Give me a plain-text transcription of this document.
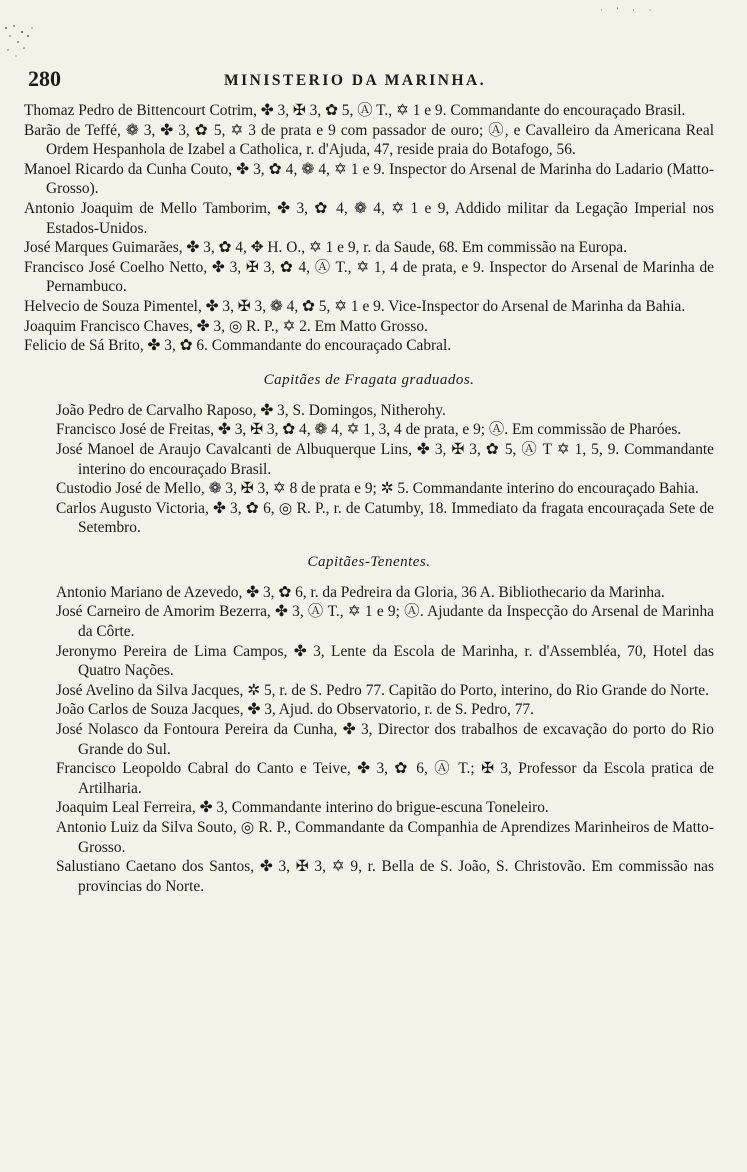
· ' · ·
280	MINISTERIO DA MARINHA.
Thomaz Pedro de Bittencourt Cotrim, ✤ 3, ✠ 3, ✿ 5, Ⓐ T., ✡ 1 e 9. Commandante do encouraçado Brasil.
Barão de Teffé, ❁ 3, ✤ 3, ✿ 5, ✡ 3 de prata e 9 com passador de ouro; Ⓐ, e Cavalleiro da Americana Real Ordem Hespanhola de Izabel a Catholica, r. d'Ajuda, 47, reside praia do Botafogo, 56.
Manoel Ricardo da Cunha Couto, ✤ 3, ✿ 4, ❁ 4, ✡ 1 e 9. Inspector do Arsenal de Marinha do Ladario (Matto-Grosso).
Antonio Joaquim de Mello Tamborim, ✤ 3, ✿ 4, ❁ 4, ✡ 1 e 9, Addido militar da Legação Imperial nos Estados-Unidos.
José Marques Guimarães, ✤ 3, ✿ 4, ✥ H. O., ✡ 1 e 9, r. da Saude, 68. Em commissão na Europa.
Francisco José Coelho Netto, ✤ 3, ✠ 3, ✿ 4, Ⓐ T., ✡ 1, 4 de prata, e 9. Inspector do Arsenal de Marinha de Pernambuco.
Helvecio de Souza Pimentel, ✤ 3, ✠ 3, ❁ 4, ✿ 5, ✡ 1 e 9. Vice-Inspector do Arsenal de Marinha da Bahia.
Joaquim Francisco Chaves, ✤ 3, ◎ R. P., ✡ 2. Em Matto Grosso.
Felicio de Sá Brito, ✤ 3, ✿ 6. Commandante do encouraçado Cabral.
Capitães de Fragata graduados.
João Pedro de Carvalho Raposo, ✤ 3, S. Domingos, Nitherohy.
Francisco José de Freitas, ✤ 3, ✠ 3, ✿ 4, ❁ 4, ✡ 1, 3, 4 de prata, e 9; Ⓐ. Em commissão de Pharóes.
José Manoel de Araujo Cavalcanti de Albuquerque Lins, ✤ 3, ✠ 3, ✿ 5, Ⓐ T ✡ 1, 5, 9. Commandante interino do encouraçado Brasil.
Custodio José de Mello, ❁ 3, ✠ 3, ✡ 8 de prata e 9; ✲ 5. Commandante interino do encouraçado Bahia.
Carlos Augusto Victoria, ✤ 3, ✿ 6, ◎ R. P., r. de Catumby, 18. Immediato da fragata encouraçada Sete de Setembro.
Capitães-Tenentes.
Antonio Mariano de Azevedo, ✤ 3, ✿ 6, r. da Pedreira da Gloria, 36 A. Bibliothecario da Marinha.
José Carneiro de Amorim Bezerra, ✤ 3, Ⓐ T., ✡ 1 e 9; Ⓐ. Ajudante da Inspecção do Arsenal de Marinha da Côrte.
Jeronymo Pereira de Lima Campos, ✤ 3, Lente da Escola de Marinha, r. d'Assembléa, 70, Hotel das Quatro Nações.
José Avelino da Silva Jacques, ✲ 5, r. de S. Pedro 77. Capitão do Porto, interino, do Rio Grande do Norte.
João Carlos de Souza Jacques, ✤ 3, Ajud. do Observatorio, r. de S. Pedro, 77.
José Nolasco da Fontoura Pereira da Cunha, ✤ 3, Director dos trabalhos de excavação do porto do Rio Grande do Sul.
Francisco Leopoldo Cabral do Canto e Teive, ✤ 3, ✿ 6, Ⓐ T.; ✠ 3, Professor da Escola pratica de Artilharia.
Joaquim Leal Ferreira, ✤ 3, Commandante interino do brigue-escuna Toneleiro.
Antonio Luiz da Silva Souto, ◎ R. P., Commandante da Companhia de Aprendizes Marinheiros de Matto-Grosso.
Salustiano Caetano dos Santos, ✤ 3, ✠ 3, ✡ 9, r. Bella de S. João, S. Christovão. Em commissão nas provincias do Norte.
